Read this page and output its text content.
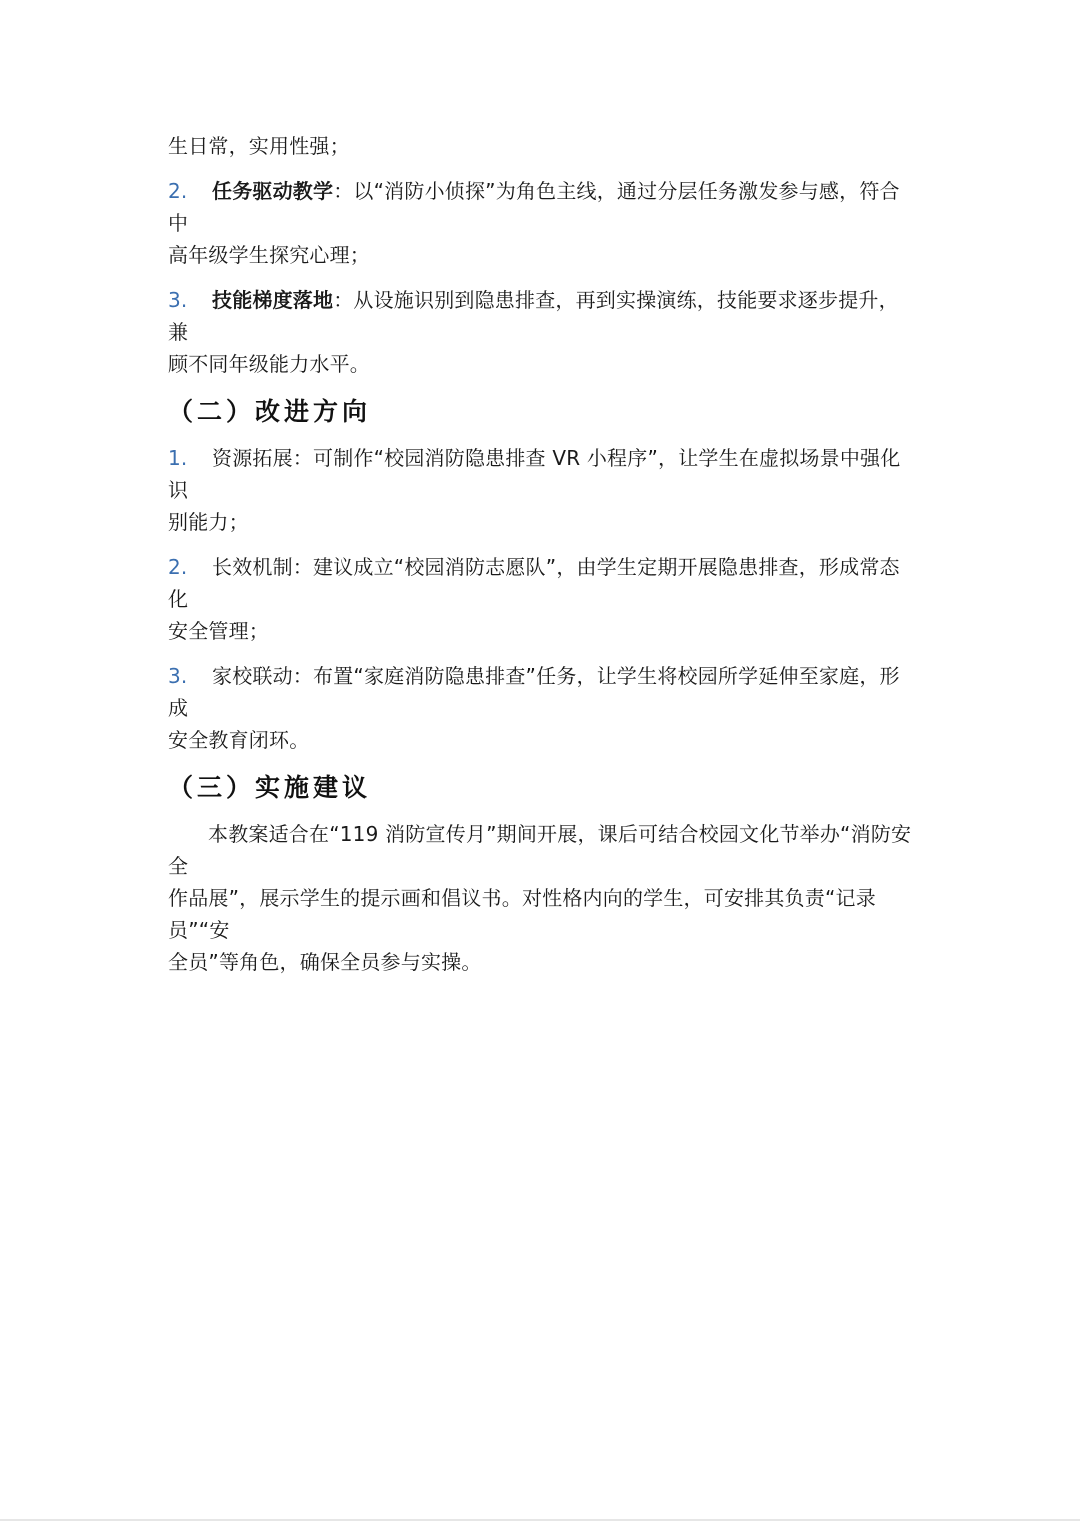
生日常，实用性强；

2. 任务驱动教学：以“消防小侦探”为角色主线，通过分层任务激发参与感，符合中
高年级学生探究心理；

3. 技能梯度落地：从设施识别到隐患排查，再到实操演练，技能要求逐步提升，兼
顾不同年级能力水平。

（二）改进方向

1. 资源拓展：可制作“校园消防隐患排查 VR 小程序”，让学生在虚拟场景中强化识
别能力；

2. 长效机制：建议成立“校园消防志愿队”，由学生定期开展隐患排查，形成常态化
安全管理；

3. 家校联动：布置“家庭消防隐患排查”任务，让学生将校园所学延伸至家庭，形成
安全教育闭环。

（三）实施建议

本教案适合在“119 消防宣传月”期间开展，课后可结合校园文化节举办“消防安全
作品展”，展示学生的提示画和倡议书。对性格内向的学生，可安排其负责“记录员”“安
全员”等角色，确保全员参与实操。
